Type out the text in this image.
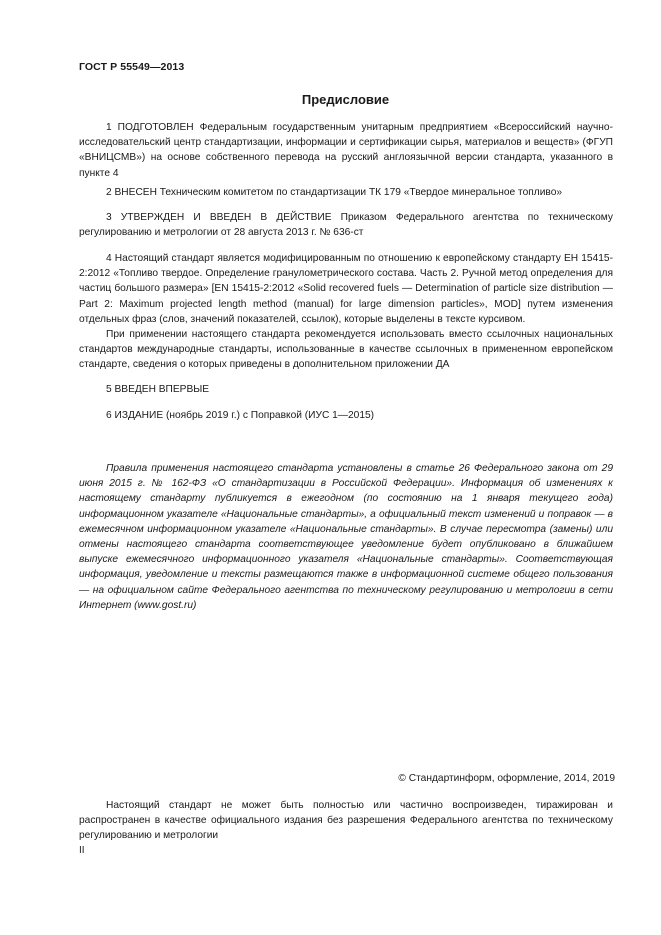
ГОСТ Р 55549—2013
Предисловие

1 ПОДГОТОВЛЕН Федеральным государственным унитарным предприятием «Всероссийский научно-исследовательский центр стандартизации, информации и сертификации сырья, материалов и веществ» (ФГУП «ВНИЦСМВ») на основе собственного перевода на русский англоязычной версии стандарта, указанного в пункте 4

2 ВНЕСЕН Техническим комитетом по стандартизации ТК 179 «Твердое минеральное топливо»

3 УТВЕРЖДЕН И ВВЕДЕН В ДЕЙСТВИЕ Приказом Федерального агентства по техническому регулированию и метрологии от 28 августа 2013 г. № 636-ст

4 Настоящий стандарт является модифицированным по отношению к европейскому стандарту ЕН 15415-2:2012 «Топливо твердое. Определение гранулометрического состава. Часть 2. Ручной метод определения для частиц большого размера» [EN 15415-2:2012 «Solid recovered fuels — Determination of particle size distribution — Part 2: Maximum projected length method (manual) for large dimension particles», MOD] путем изменения отдельных фраз (слов, значений показателей, ссылок), которые выделены в тексте курсивом.

При применении настоящего стандарта рекомендуется использовать вместо ссылочных национальных стандартов международные стандарты, использованные в качестве ссылочных в примененном европейском стандарте, сведения о которых приведены в дополнительном приложении ДА

5 ВВЕДЕН ВПЕРВЫЕ

6 ИЗДАНИЕ (ноябрь 2019 г.) с Поправкой (ИУС 1—2015)

Правила применения настоящего стандарта установлены в статье 26 Федерального закона от 29 июня 2015 г. № 162-ФЗ «О стандартизации в Российской Федерации». Информация об изменениях к настоящему стандарту публикуется в ежегодном (по состоянию на 1 января текущего года) информационном указателе «Национальные стандарты», а официальный текст изменений и поправок — в ежемесячном информационном указателе «Национальные стандарты». В случае пересмотра (замены) или отмены настоящего стандарта соответствующее уведомление будет опубликовано в ближайшем выпуске ежемесячного информационного указателя «Национальные стандарты». Соответствующая информация, уведомление и тексты размещаются также в информационной системе общего пользования — на официальном сайте Федерального агентства по техническому регулированию и метрологии в сети Интернет (www.gost.ru)

© Стандартинформ, оформление, 2014, 2019

Настоящий стандарт не может быть полностью или частично воспроизведен, тиражирован и распространен в качестве официального издания без разрешения Федерального агентства по техническому регулированию и метрологии

II
